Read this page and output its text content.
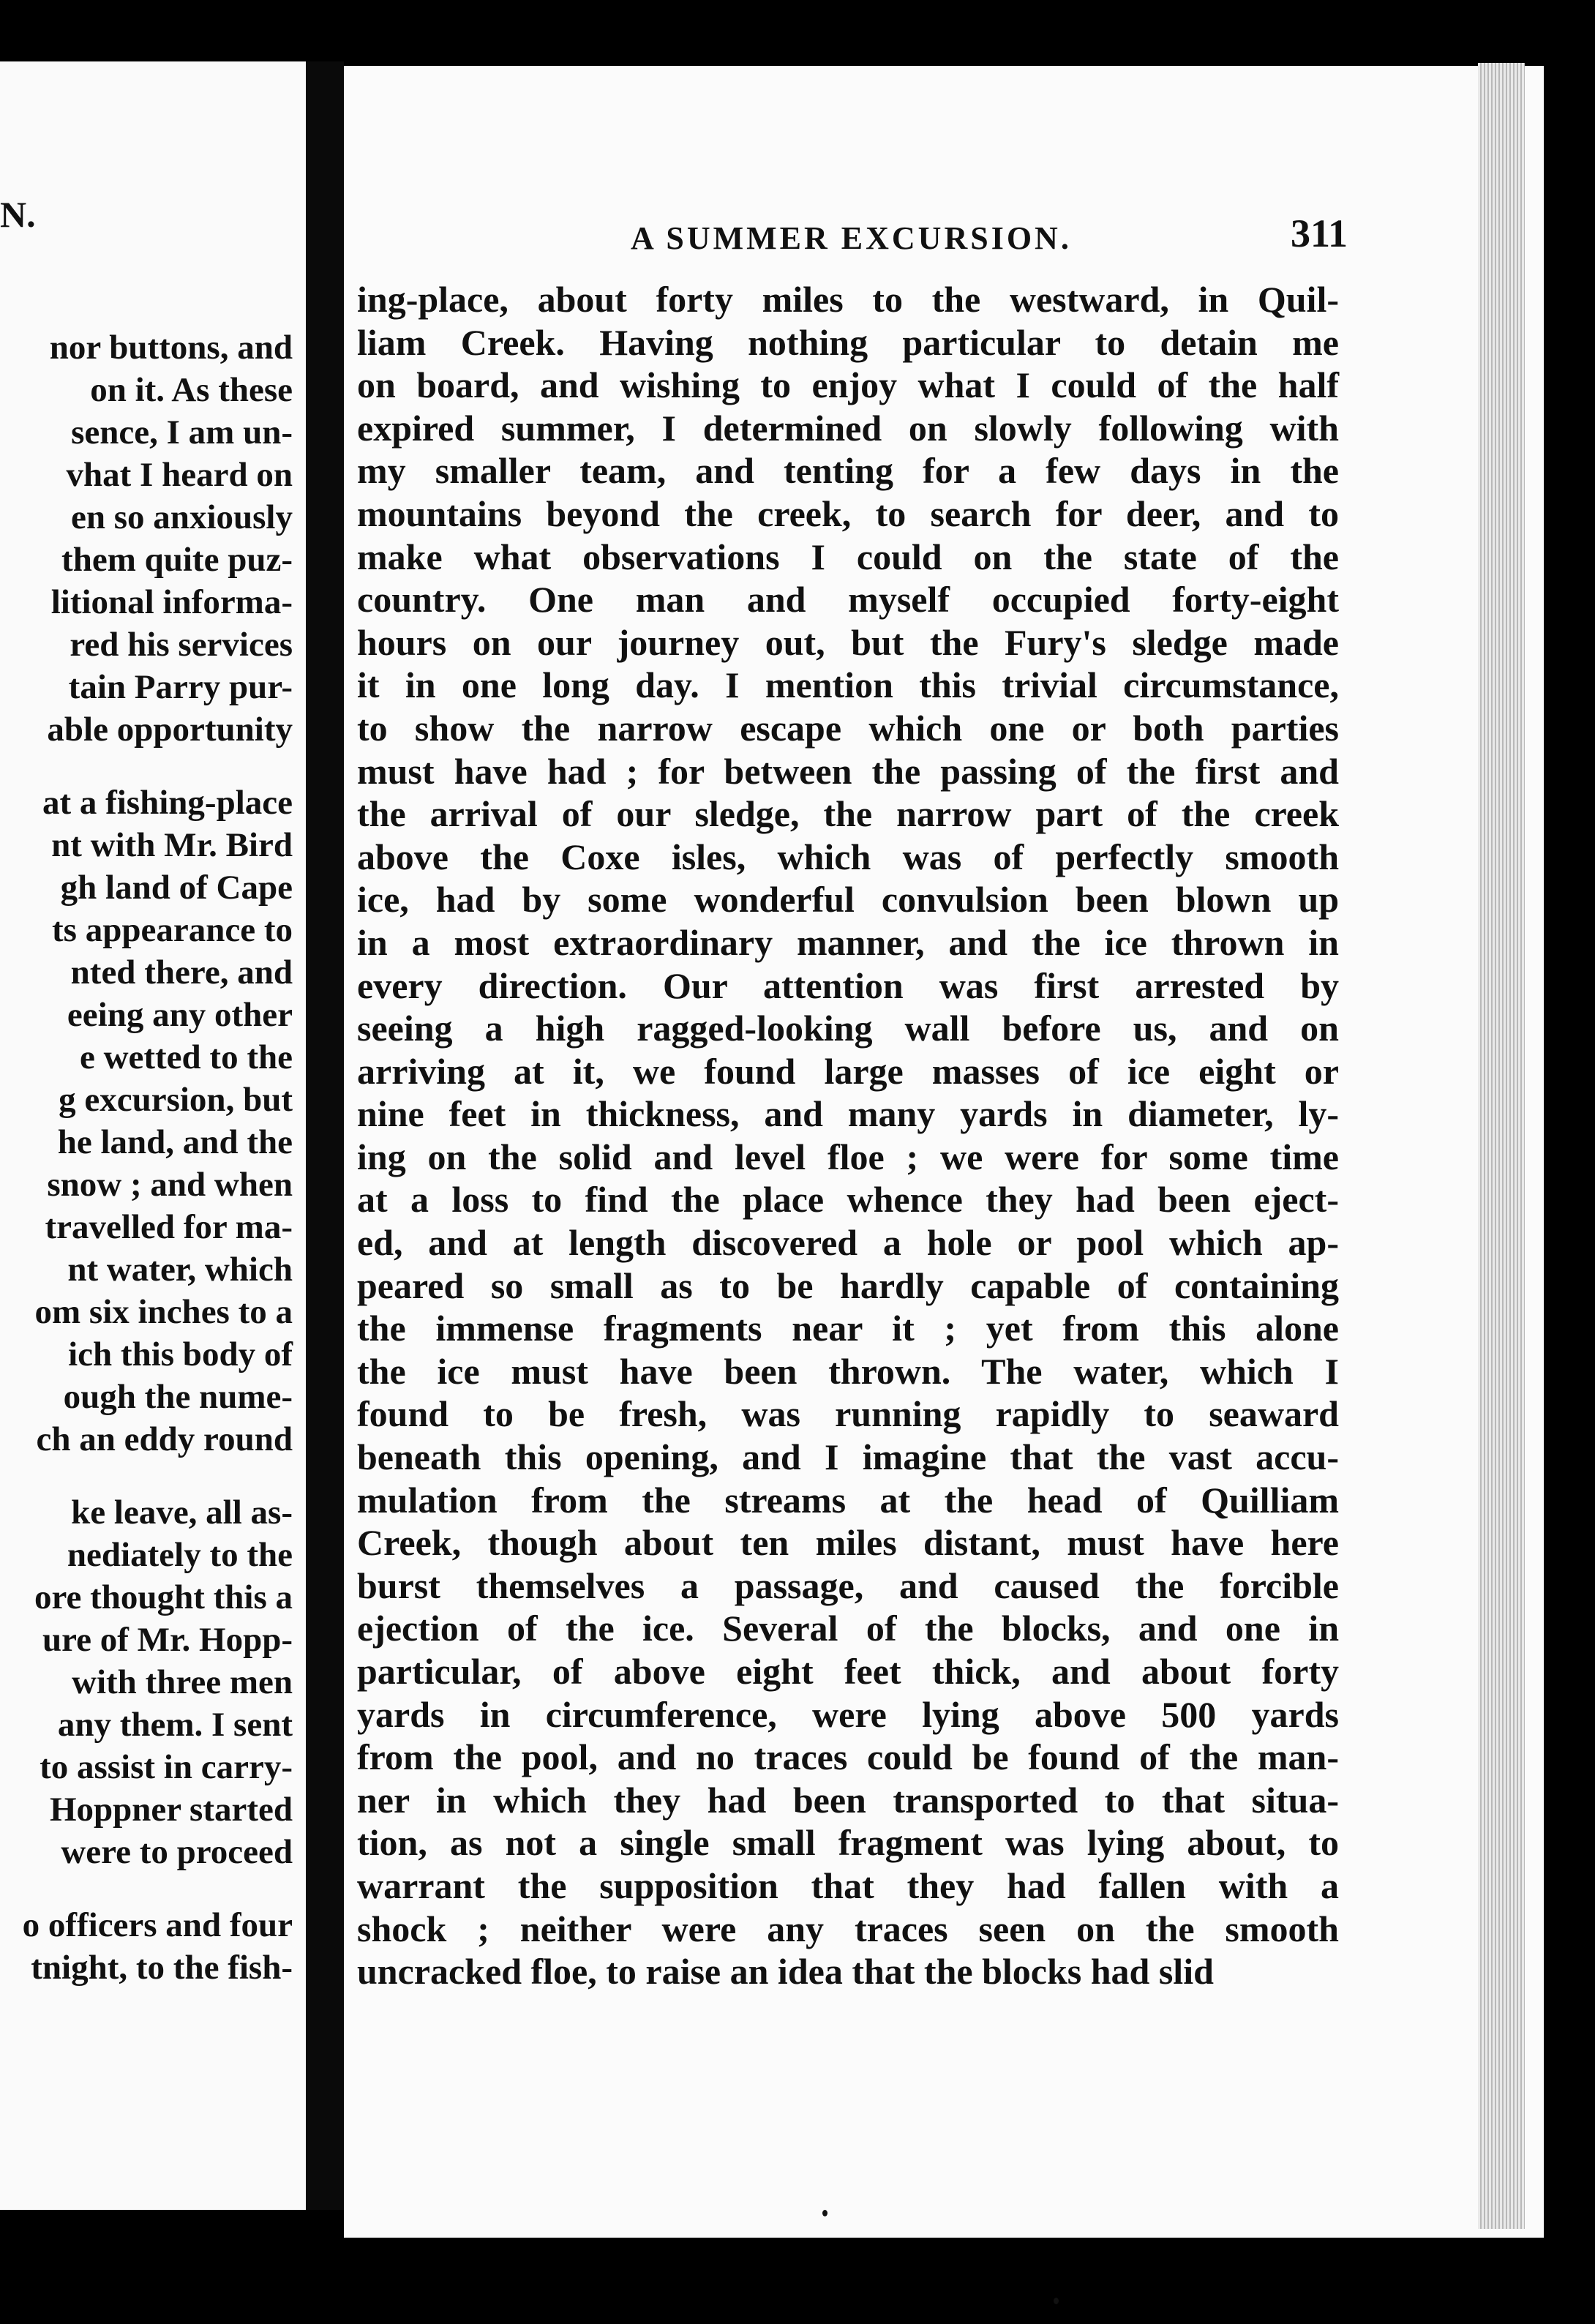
N.
nor buttons, and
on it. As these
sence, I am un-
vhat I heard on
en so anxiously
them quite puz-
litional informa-
red his services
tain Parry pur-
able opportunity
at a fishing-place
nt with Mr. Bird
gh land of Cape
ts appearance to
nted there, and
eeing any other
e wetted to the
g excursion, but
he land, and the
snow ; and when
travelled for ma-
nt water, which
om six inches to a
ich this body of
ough the nume-
ch an eddy round
ke leave, all as-
nediately to the
ore thought this a
ure of Mr. Hopp-
with three men
any them. I sent
to assist in carry-
Hoppner started
were to proceed
o officers and four
tnight, to the fish-
A SUMMER EXCURSION.	311
ing-place, about forty miles to the westward, in Quil-
liam Creek. Having nothing particular to detain me
on board, and wishing to enjoy what I could of the half
expired summer, I determined on slowly following with
my smaller team, and tenting for a few days in the
mountains beyond the creek, to search for deer, and to
make what observations I could on the state of the
country. One man and myself occupied forty-eight
hours on our journey out, but the Fury's sledge made
it in one long day. I mention this trivial circumstance,
to show the narrow escape which one or both parties
must have had ; for between the passing of the first and
the arrival of our sledge, the narrow part of the creek
above the Coxe isles, which was of perfectly smooth
ice, had by some wonderful convulsion been blown up
in a most extraordinary manner, and the ice thrown in
every direction. Our attention was first arrested by
seeing a high ragged-looking wall before us, and on
arriving at it, we found large masses of ice eight or
nine feet in thickness, and many yards in diameter, ly-
ing on the solid and level floe ; we were for some time
at a loss to find the place whence they had been eject-
ed, and at length discovered a hole or pool which ap-
peared so small as to be hardly capable of containing
the immense fragments near it ; yet from this alone
the ice must have been thrown. The water, which I
found to be fresh, was running rapidly to seaward
beneath this opening, and I imagine that the vast accu-
mulation from the streams at the head of Quilliam
Creek, though about ten miles distant, must have here
burst themselves a passage, and caused the forcible
ejection of the ice. Several of the blocks, and one in
particular, of above eight feet thick, and about forty
yards in circumference, were lying above 500 yards
from the pool, and no traces could be found of the man-
ner in which they had been transported to that situa-
tion, as not a single small fragment was lying about, to
warrant the supposition that they had fallen with a
shock ; neither were any traces seen on the smooth
uncracked floe, to raise an idea that the blocks had slid
